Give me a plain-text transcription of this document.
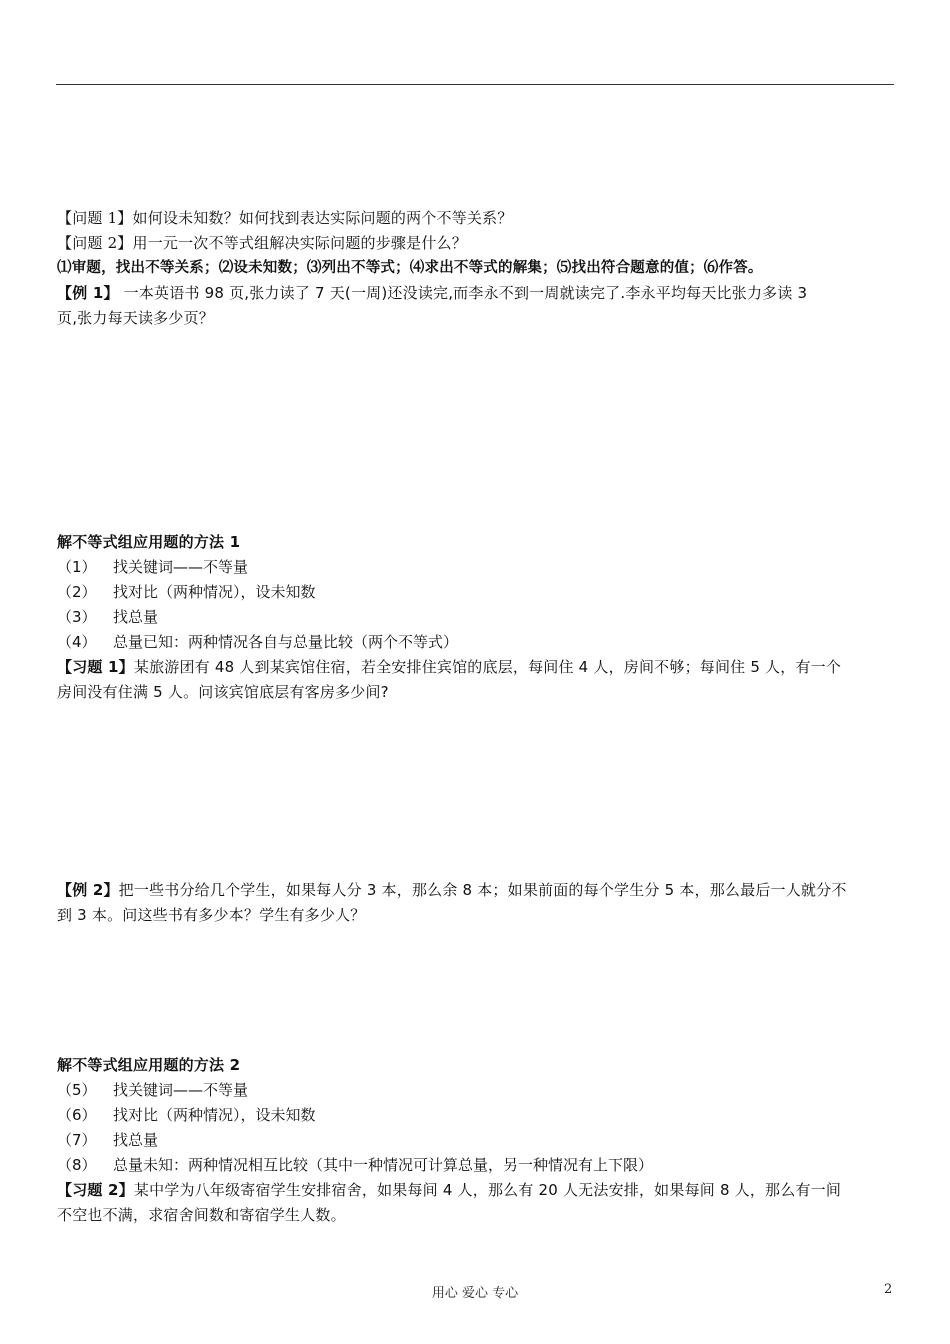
【问题 1】如何设未知数？如何找到表达实际问题的两个不等关系？
【问题 2】用一元一次不等式组解决实际问题的步骤是什么？
⑴审题，找出不等关系；⑵设未知数；⑶列出不等式；⑷求出不等式的解集；⑸找出符合题意的值；⑹作答。
【例 1】 一本英语书 98 页,张力读了 7 天(一周)还没读完,而李永不到一周就读完了.李永平均每天比张力多读 3
页,张力每天读多少页？
解不等式组应用题的方法 1
（1） 找关键词——不等量
（2） 找对比（两种情况），设未知数
（3） 找总量
（4） 总量已知：两种情况各自与总量比较（两个不等式）
【习题 1】某旅游团有 48 人到某宾馆住宿，若全安排住宾馆的底层，每间住 4 人，房间不够；每间住 5 人，有一个
房间没有住满 5 人。问该宾馆底层有客房多少间?
【例 2】把一些书分给几个学生，如果每人分 3 本，那么余 8 本；如果前面的每个学生分 5 本，那么最后一人就分不
到 3 本。问这些书有多少本？学生有多少人？
解不等式组应用题的方法 2
（5） 找关键词——不等量
（6） 找对比（两种情况），设未知数
（7） 找总量
（8） 总量未知：两种情况相互比较（其中一种情况可计算总量，另一种情况有上下限）
【习题 2】某中学为八年级寄宿学生安排宿舍，如果每间 4 人，那么有 20 人无法安排，如果每间 8 人，那么有一间
不空也不满，求宿舍间数和寄宿学生人数。
用心 爱心 专心	2
